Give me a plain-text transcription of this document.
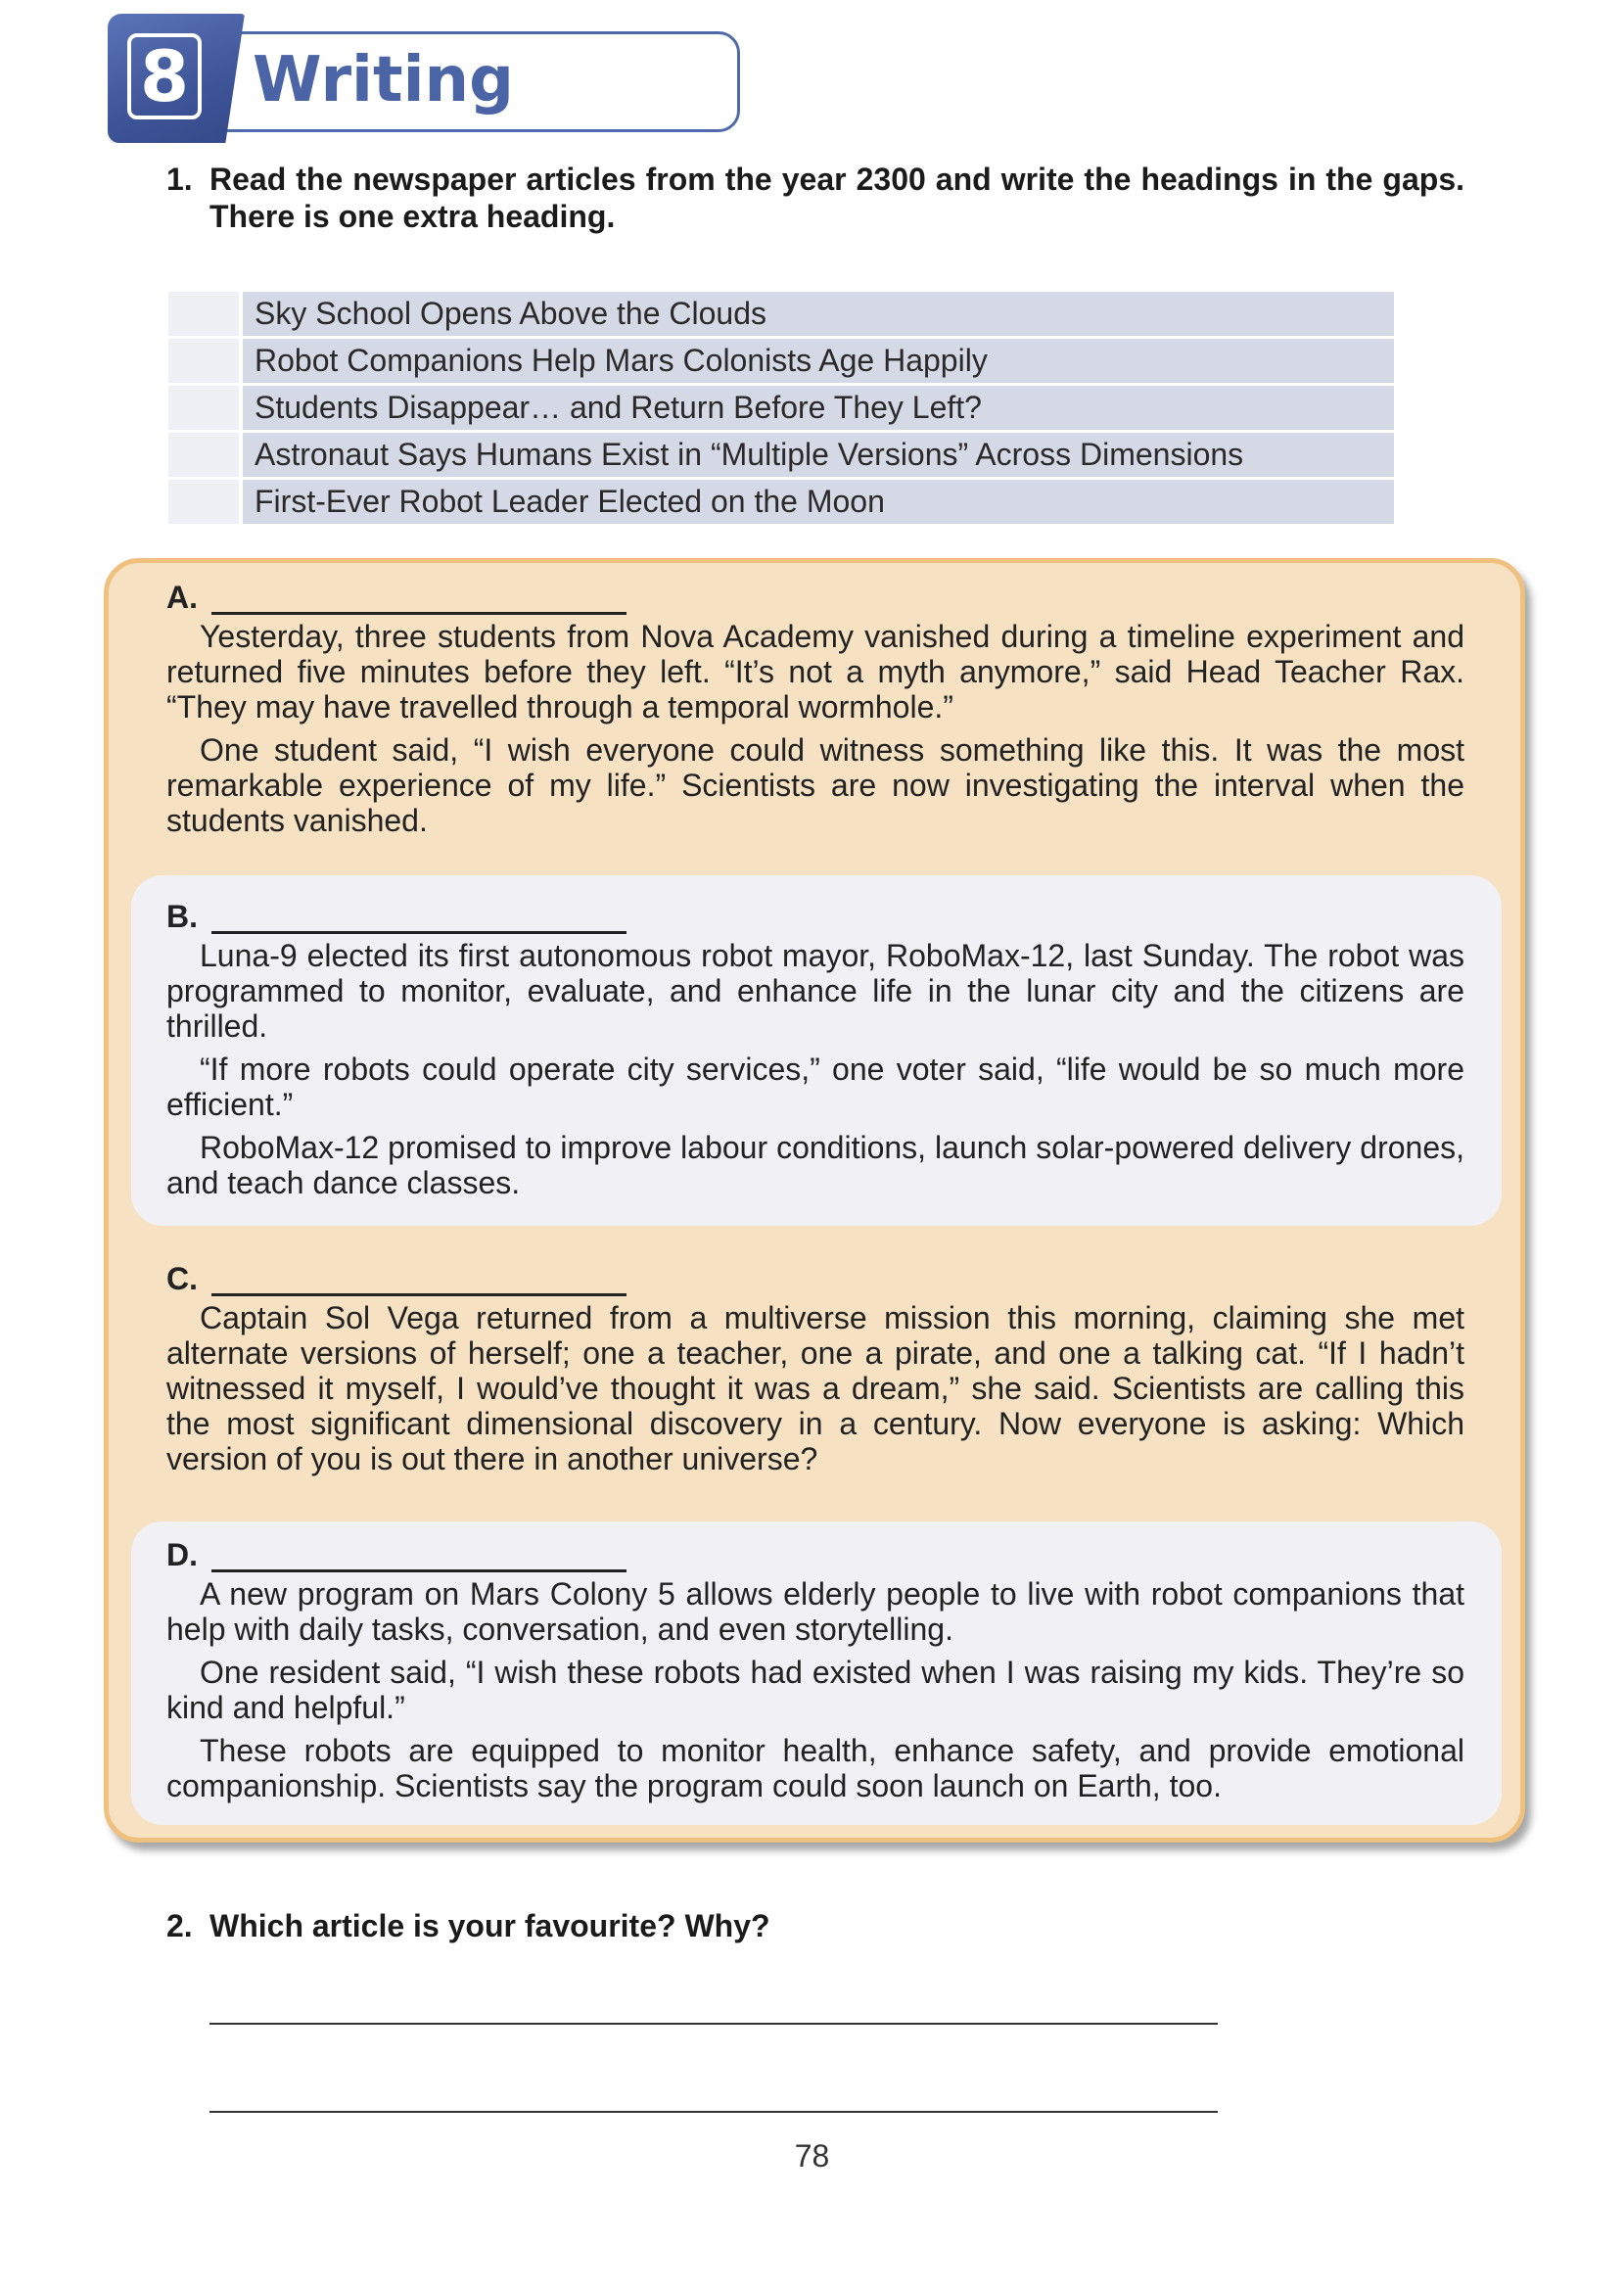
8 Writing
1. Read the newspaper articles from the year 2300 and write the headings in the gaps. There is one extra heading.
Sky School Opens Above the Clouds
Robot Companions Help Mars Colonists Age Happily
Students Disappear… and Return Before They Left?
Astronaut Says Humans Exist in “Multiple Versions” Across Dimensions
First-Ever Robot Leader Elected on the Moon
A.

Yesterday, three students from Nova Academy vanished during a timeline experiment and returned five minutes before they left. “It’s not a myth anymore,” said Head Teacher Rax. “They may have travelled through a temporal wormhole.”

One student said, “I wish everyone could witness something like this. It was the most remarkable experience of my life.” Scientists are now investigating the interval when the students vanished.

B.

Luna-9 elected its first autonomous robot mayor, RoboMax-12, last Sunday. The robot was programmed to monitor, evaluate, and enhance life in the lunar city and the citizens are thrilled.

“If more robots could operate city services,” one voter said, “life would be so much more efficient.”

RoboMax-12 promised to improve labour conditions, launch solar-powered delivery drones, and teach dance classes.

C.

Captain Sol Vega returned from a multiverse mission this morning, claiming she met alternate versions of herself; one a teacher, one a pirate, and one a talking cat. “If I hadn’t witnessed it myself, I would’ve thought it was a dream,” she said. Scientists are calling this the most significant dimensional discovery in a century. Now everyone is asking: Which version of you is out there in another universe?

D.

A new program on Mars Colony 5 allows elderly people to live with robot companions that help with daily tasks, conversation, and even storytelling.

One resident said, “I wish these robots had existed when I was raising my kids. They’re so kind and helpful.”

These robots are equipped to monitor health, enhance safety, and provide emotional companionship. Scientists say the program could soon launch on Earth, too.

2. Which article is your favourite? Why?
78
